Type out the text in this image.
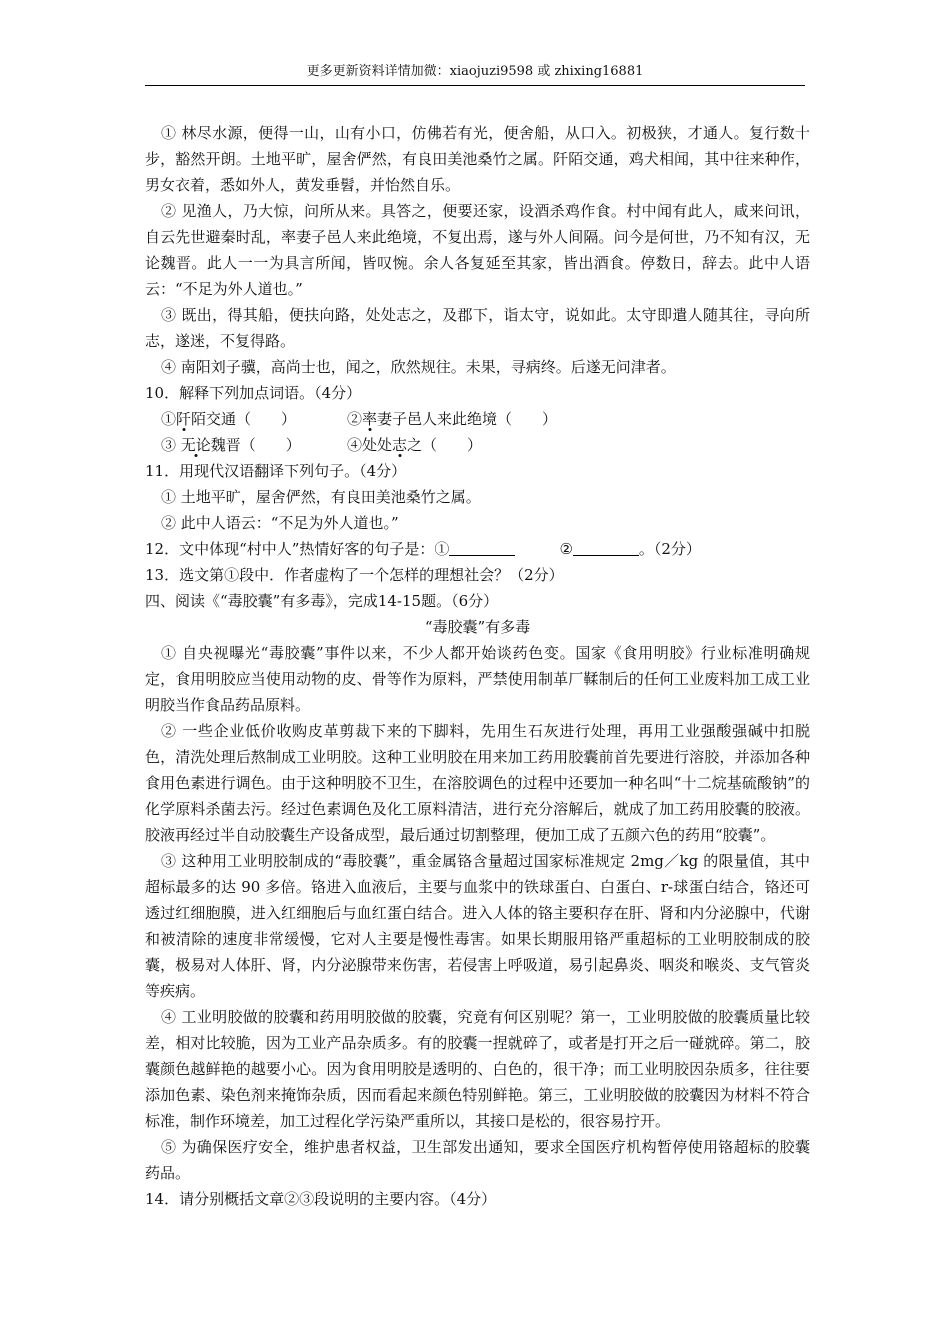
更多更新资料详情加微：xiaojuzi9598 或 zhixing16881

① 林尽水源，便得一山，山有小口，仿佛若有光，便舍船，从口入。初极狭，才通人。复行数十步，豁然开朗。土地平旷，屋舍俨然，有良田美池桑竹之属。阡陌交通，鸡犬相闻，其中往来种作，男女衣着，悉如外人，黄发垂髫，并怡然自乐。

② 见渔人，乃大惊，问所从来。具答之，便要还家，设酒杀鸡作食。村中闻有此人，咸来问讯，自云先世避秦时乱，率妻子邑人来此绝境，不复出焉，遂与外人间隔。问今是何世，乃不知有汉，无论魏晋。此人一一为具言所闻，皆叹惋。余人各复延至其家，皆出酒食。停数日，辞去。此中人语云：“不足为外人道也。”

③ 既出，得其船，便扶向路，处处志之，及郡下，诣太守，说如此。太守即遣人随其往，寻向所志，遂迷，不复得路。

④ 南阳刘子骥，高尚士也，闻之，欣然规往。未果，寻病终。后遂无问津者。

10．解释下列加点词语。（4分）

①阡陌交通（　　）	②率妻子邑人来此绝境（　　）
③ 无论魏晋（　　）	④处处志之（　　）

11．用现代汉语翻译下列句子。（4分）

① 土地平旷，屋舍俨然，有良田美池桑竹之属。

② 此中人语云：“不足为外人道也。”

12．文中体现“村中人”热情好客的句子是：①	②	。（2分）

13．选文第①段中．作者虚构了一个怎样的理想社会？（2分）

四、阅读《“毒胶囊”有多毒》，完成14-15题。（6分）

“毒胶囊”有多毒

① 自央视曝光“毒胶囊”事件以来，不少人都开始谈药色变。国家《食用明胶》行业标准明确规定，食用明胶应当使用动物的皮、骨等作为原料，严禁使用制革厂鞣制后的任何工业废料加工成工业明胶当作食品药品原料。

② 一些企业低价收购皮革剪裁下来的下脚料，先用生石灰进行处理，再用工业强酸强碱中扣脱色，清洗处理后熬制成工业明胶。这种工业明胶在用来加工药用胶囊前首先要进行溶胶，并添加各种食用色素进行调色。由于这种明胶不卫生，在溶胶调色的过程中还要加一种名叫“十二烷基硫酸钠”的化学原料杀菌去污。经过色素调色及化工原料清洁，进行充分溶解后，就成了加工药用胶囊的胶液。胶液再经过半自动胶囊生产设备成型，最后通过切割整理，便加工成了五颜六色的药用“胶囊”。

③ 这种用工业明胶制成的“毒胶囊”，重金属铬含量超过国家标准规定 2mg／kg 的限量值，其中超标最多的达 90 多倍。铬进入血液后，主要与血浆中的铁球蛋白、白蛋白、r-球蛋白结合，铬还可透过红细胞膜，进入红细胞后与血红蛋白结合。进入人体的铬主要积存在肝、肾和内分泌腺中，代谢和被清除的速度非常缓慢，它对人主要是慢性毒害。如果长期服用铬严重超标的工业明胶制成的胶囊，极易对人体肝、肾，内分泌腺带来伤害，若侵害上呼吸道，易引起鼻炎、咽炎和喉炎、支气管炎等疾病。

④ 工业明胶做的胶囊和药用明胶做的胶囊，究竟有何区别呢？第一，工业明胶做的胶囊质量比较差，相对比较脆，因为工业产品杂质多。有的胶囊一捏就碎了，或者是打开之后一碰就碎。第二，胶囊颜色越鲜艳的越要小心。因为食用明胶是透明的、白色的，很干净；而工业明胶因杂质多，往往要添加色素、染色剂来掩饰杂质，因而看起来颜色特别鲜艳。第三，工业明胶做的胶囊因为材料不符合标准，制作环境差，加工过程化学污染严重所以，其接口是松的，很容易拧开。

⑤ 为确保医疗安全，维护患者权益，卫生部发出通知，要求全国医疗机构暂停使用铬超标的胶囊药品。

14．请分别概括文章②③段说明的主要内容。（4分）
